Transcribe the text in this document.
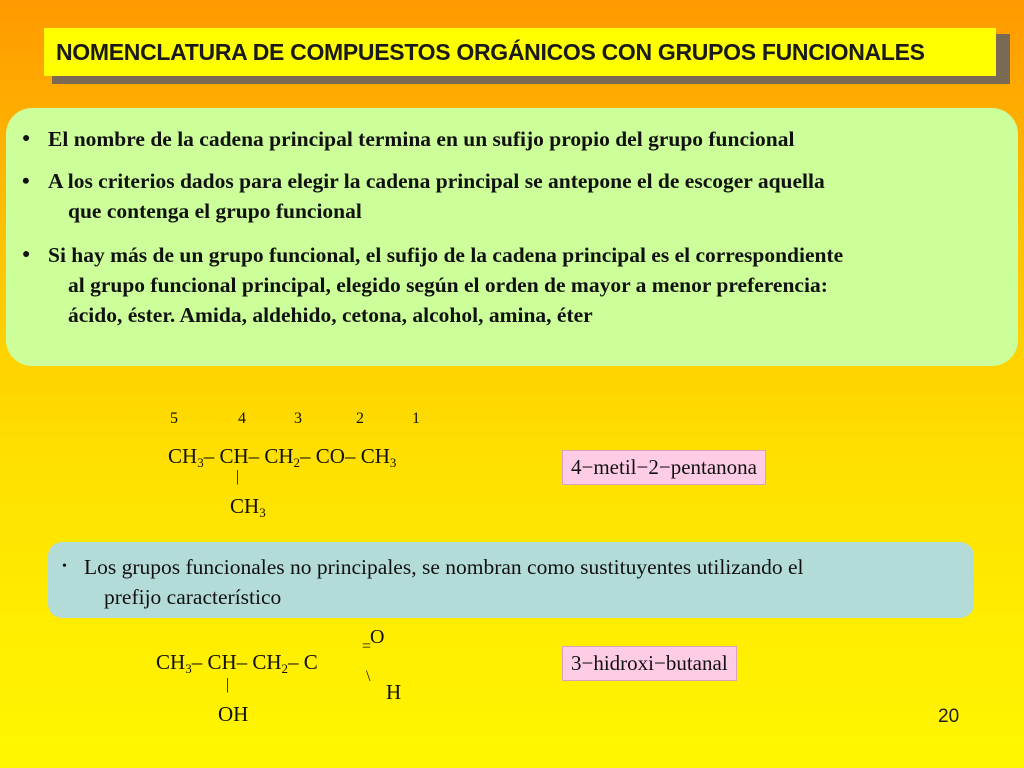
NOMENCLATURA DE COMPUESTOS ORGÁNICOS CON GRUPOS FUNCIONALES
● El nombre de la cadena principal termina en un sufijo propio del grupo funcional
• A los criterios dados para elegir la cadena principal se antepone el de escoger aquella
que contenga el grupo funcional
● Si hay más de un grupo funcional, el sufijo de la cadena principal es el correspondiente
al grupo funcional principal, elegido según el orden de mayor a menor preferencia:
ácido, éster. Amida, aldehido, cetona, alcohol, amina, éter
5	4	3	2	1
$CH_3-$ CH– $CH_2-$ CO– $CH_3$
|
$CH_3$
4−metil−2−pentanona
• Los grupos funcionales no principales, se nombran como sustituyentes utilizando el
prefijo característico
O
=
$CH_3-$ CH– $CH_2-$ C
\
H
|
OH
3−hidroxi−butanal
20
